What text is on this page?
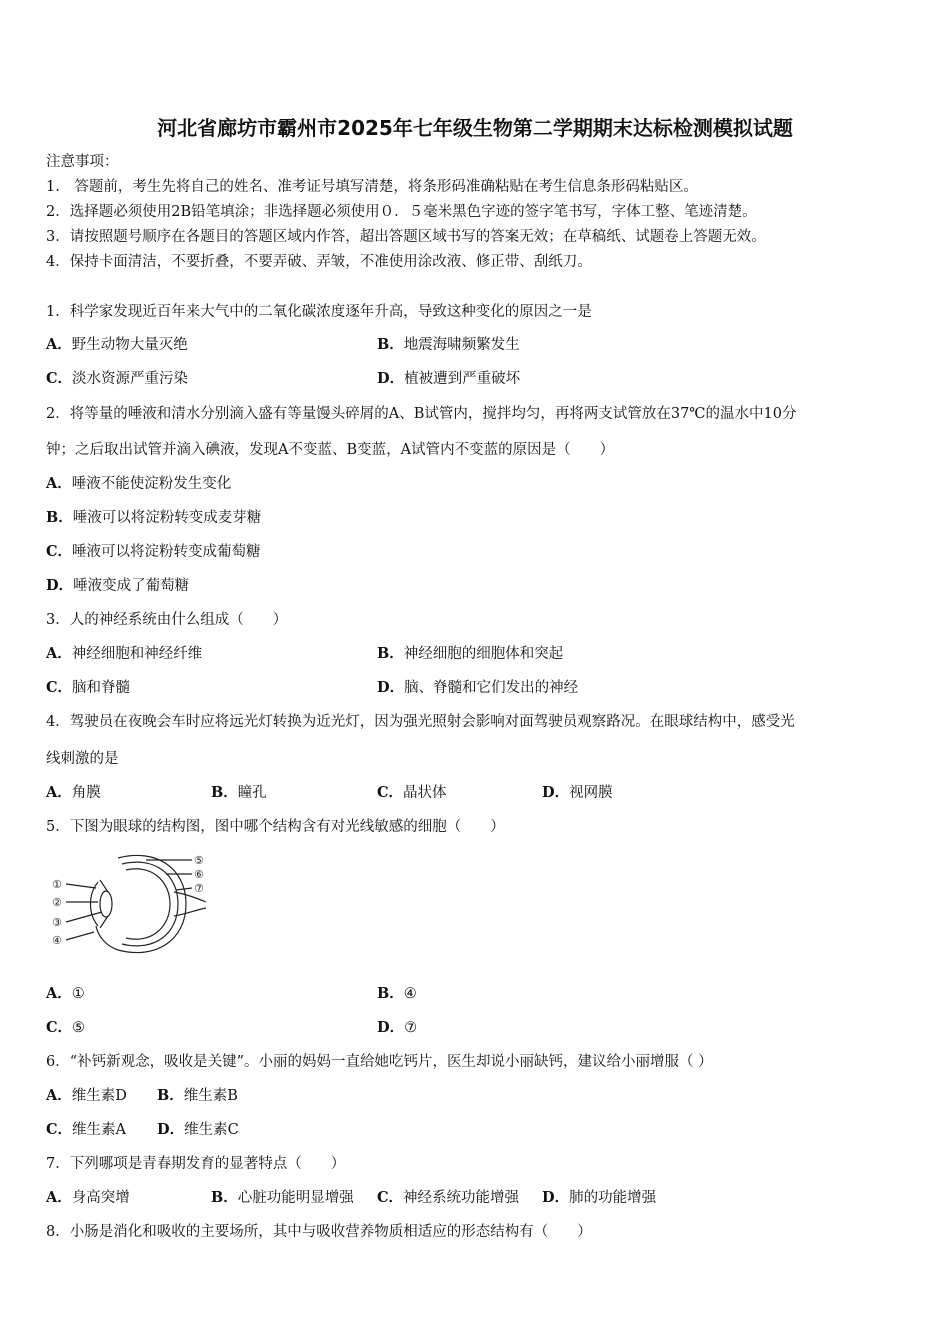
河北省廊坊市霸州市2025年七年级生物第二学期期末达标检测模拟试题
注意事项：
1.　答题前，考生先将自己的姓名、准考证号填写清楚，将条形码准确粘贴在考生信息条形码粘贴区。
2．选择题必须使用2B铅笔填涂；非选择题必须使用０．５毫米黑色字迹的签字笔书写，字体工整、笔迹清楚。
3．请按照题号顺序在各题目的答题区域内作答，超出答题区域书写的答案无效；在草稿纸、试题卷上答题无效。
4．保持卡面清洁，不要折叠，不要弄破、弄皱，不准使用涂改液、修正带、刮纸刀。
1．科学家发现近百年来大气中的二氧化碳浓度逐年升高，导致这种变化的原因之一是
A．野生动物大量灭绝	B．地震海啸频繁发生
C．淡水资源严重污染	D．植被遭到严重破坏
2．将等量的唾液和清水分别滴入盛有等量馒头碎屑的A、B试管内，搅拌均匀，再将两支试管放在37℃的温水中10分
钟；之后取出试管并滴入碘液，发现A不变蓝、B变蓝，A试管内不变蓝的原因是（　　）
A．唾液不能使淀粉发生变化
B．唾液可以将淀粉转变成麦芽糖
C．唾液可以将淀粉转变成葡萄糖
D．唾液变成了葡萄糖
3．人的神经系统由什么组成（　　）
A．神经细胞和神经纤维	B．神经细胞的细胞体和突起
C．脑和脊髓	D．脑、脊髓和它们发出的神经
4．驾驶员在夜晚会车时应将远光灯转换为近光灯，因为强光照射会影响对面驾驶员观察路况。在眼球结构中，感受光
线刺激的是
A．角膜	B．瞳孔	C．晶状体	D．视网膜
5．下图为眼球的结构图，图中哪个结构含有对光线敏感的细胞（　　）
①
②
③
④
⑤
⑥
⑦
A．①	B．④
C．⑤	D．⑦
6．“补钙新观念，吸收是关键”。小丽的妈妈一直给她吃钙片，医生却说小丽缺钙，建议给小丽增服（ ）
A．维生素D B．维生素B
C．维生素A D．维生素C
7．下列哪项是青春期发育的显著特点（　　）
A．身高突增	B．心脏功能明显增强 C．神经系统功能增强 D．肺的功能增强
8．小肠是消化和吸收的主要场所，其中与吸收营养物质相适应的形态结构有（　　）
